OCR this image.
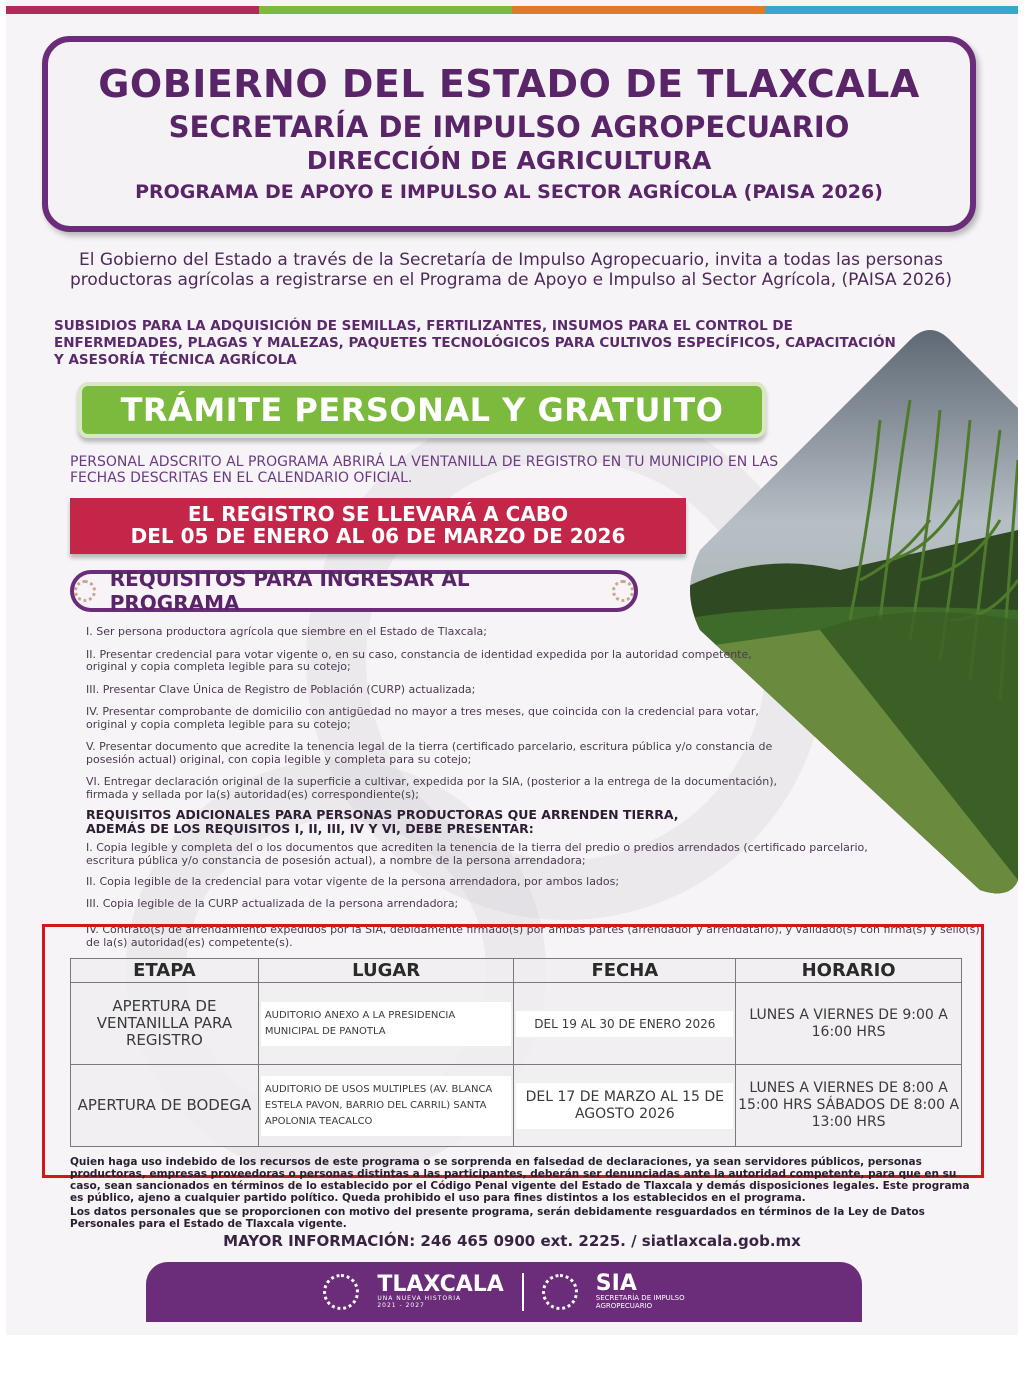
GOBIERNO DEL ESTADO DE TLAXCALA
SECRETARÍA DE IMPULSO AGROPECUARIO
DIRECCIÓN DE AGRICULTURA
PROGRAMA DE APOYO E IMPULSO AL SECTOR AGRÍCOLA (PAISA 2026)
El Gobierno del Estado a través de la Secretaría de Impulso Agropecuario, invita a todas las personas productoras agrícolas a registrarse en el Programa de Apoyo e Impulso al Sector Agrícola, (PAISA 2026)
SUBSIDIOS PARA LA ADQUISICIÓN DE SEMILLAS, FERTILIZANTES, INSUMOS PARA EL CONTROL DE ENFERMEDADES, PLAGAS Y MALEZAS, PAQUETES TECNOLÓGICOS PARA CULTIVOS ESPECÍFICOS, CAPACITACIÓN Y ASESORÍA TÉCNICA AGRÍCOLA
TRÁMITE PERSONAL Y GRATUITO
PERSONAL ADSCRITO AL PROGRAMA ABRIRÁ LA VENTANILLA DE REGISTRO EN TU MUNICIPIO EN LAS FECHAS DESCRITAS EN EL CALENDARIO OFICIAL.
EL REGISTRO SE LLEVARÁ A CABO
DEL 05 DE ENERO AL 06 DE MARZO DE 2026
REQUISITOS PARA INGRESAR AL PROGRAMA

I. Ser persona productora agrícola que siembre en el Estado de Tlaxcala;

II. Presentar credencial para votar vigente o, en su caso, constancia de identidad expedida por la autoridad competente, original y copia completa legible para su cotejo;

III. Presentar Clave Única de Registro de Población (CURP) actualizada;

IV. Presentar comprobante de domicilio con antigüedad no mayor a tres meses, que coincida con la credencial para votar, original y copia completa legible para su cotejo;

V. Presentar documento que acredite la tenencia legal de la tierra (certificado parcelario, escritura pública y/o constancia de posesión actual) original, con copia legible y completa para su cotejo;

VI. Entregar declaración original de la superficie a cultivar, expedida por la SIA, (posterior a la entrega de la documentación), firmada y sellada por la(s) autoridad(es) correspondiente(s);

REQUISITOS ADICIONALES PARA PERSONAS PRODUCTORAS QUE ARRENDEN TIERRA, ADEMÁS DE LOS REQUISITOS I, II, III, IV Y VI, DEBE PRESENTAR:

I. Copia legible y completa del o los documentos que acrediten la tenencia de la tierra del predio o predios arrendados (certificado parcelario, escritura pública y/o constancia de posesión actual), a nombre de la persona arrendadora;

II. Copia legible de la credencial para votar vigente de la persona arrendadora, por ambos lados;

III. Copia legible de la CURP actualizada de la persona arrendadora;

IV. Contrato(s) de arrendamiento expedidos por la SIA, debidamente firmado(s) por ambas partes (arrendador y arrendatario), y validado(s) con firma(s) y sello(s) de la(s) autoridad(es) competente(s).
ETAPA	LUGAR	FECHA	HORARIO
APERTURA DE VENTANILLA PARA REGISTRO	AUDITORIO ANEXO A LA PRESIDENCIA MUNICIPAL DE PANOTLA	DEL 19 AL 30 DE ENERO 2026	LUNES A VIERNES DE 9:00 A 16:00 HRS
APERTURA DE BODEGA	AUDITORIO DE USOS MULTIPLES (AV. BLANCA ESTELA PAVON, BARRIO DEL CARRIL) SANTA APOLONIA TEACALCO	DEL 17 DE MARZO AL 15 DE AGOSTO 2026	LUNES A VIERNES DE 8:00 A 15:00 HRS SÁBADOS DE 8:00 A 13:00 HRS
Quien haga uso indebido de los recursos de este programa o se sorprenda en falsedad de declaraciones, ya sean servidores públicos, personas productoras, empresas proveedoras o personas distintas a las participantes, deberán ser denunciadas ante la autoridad competente, para que en su caso, sean sancionados en términos de lo establecido por el Código Penal vigente del Estado de Tlaxcala y demás disposiciones legales. Este programa es público, ajeno a cualquier partido político. Queda prohibido el uso para fines distintos a los establecidos en el programa.
Los datos personales que se proporcionen con motivo del presente programa, serán debidamente resguardados en términos de la Ley de Datos Personales para el Estado de Tlaxcala vigente.
MAYOR INFORMACIÓN: 246 465 0900 ext. 2225. / siatlaxcala.gob.mx
TLAXCALA
UNA NUEVA HISTORIA
2021 - 2027
SIA
SECRETARÍA DE IMPULSO
AGROPECUARIO
